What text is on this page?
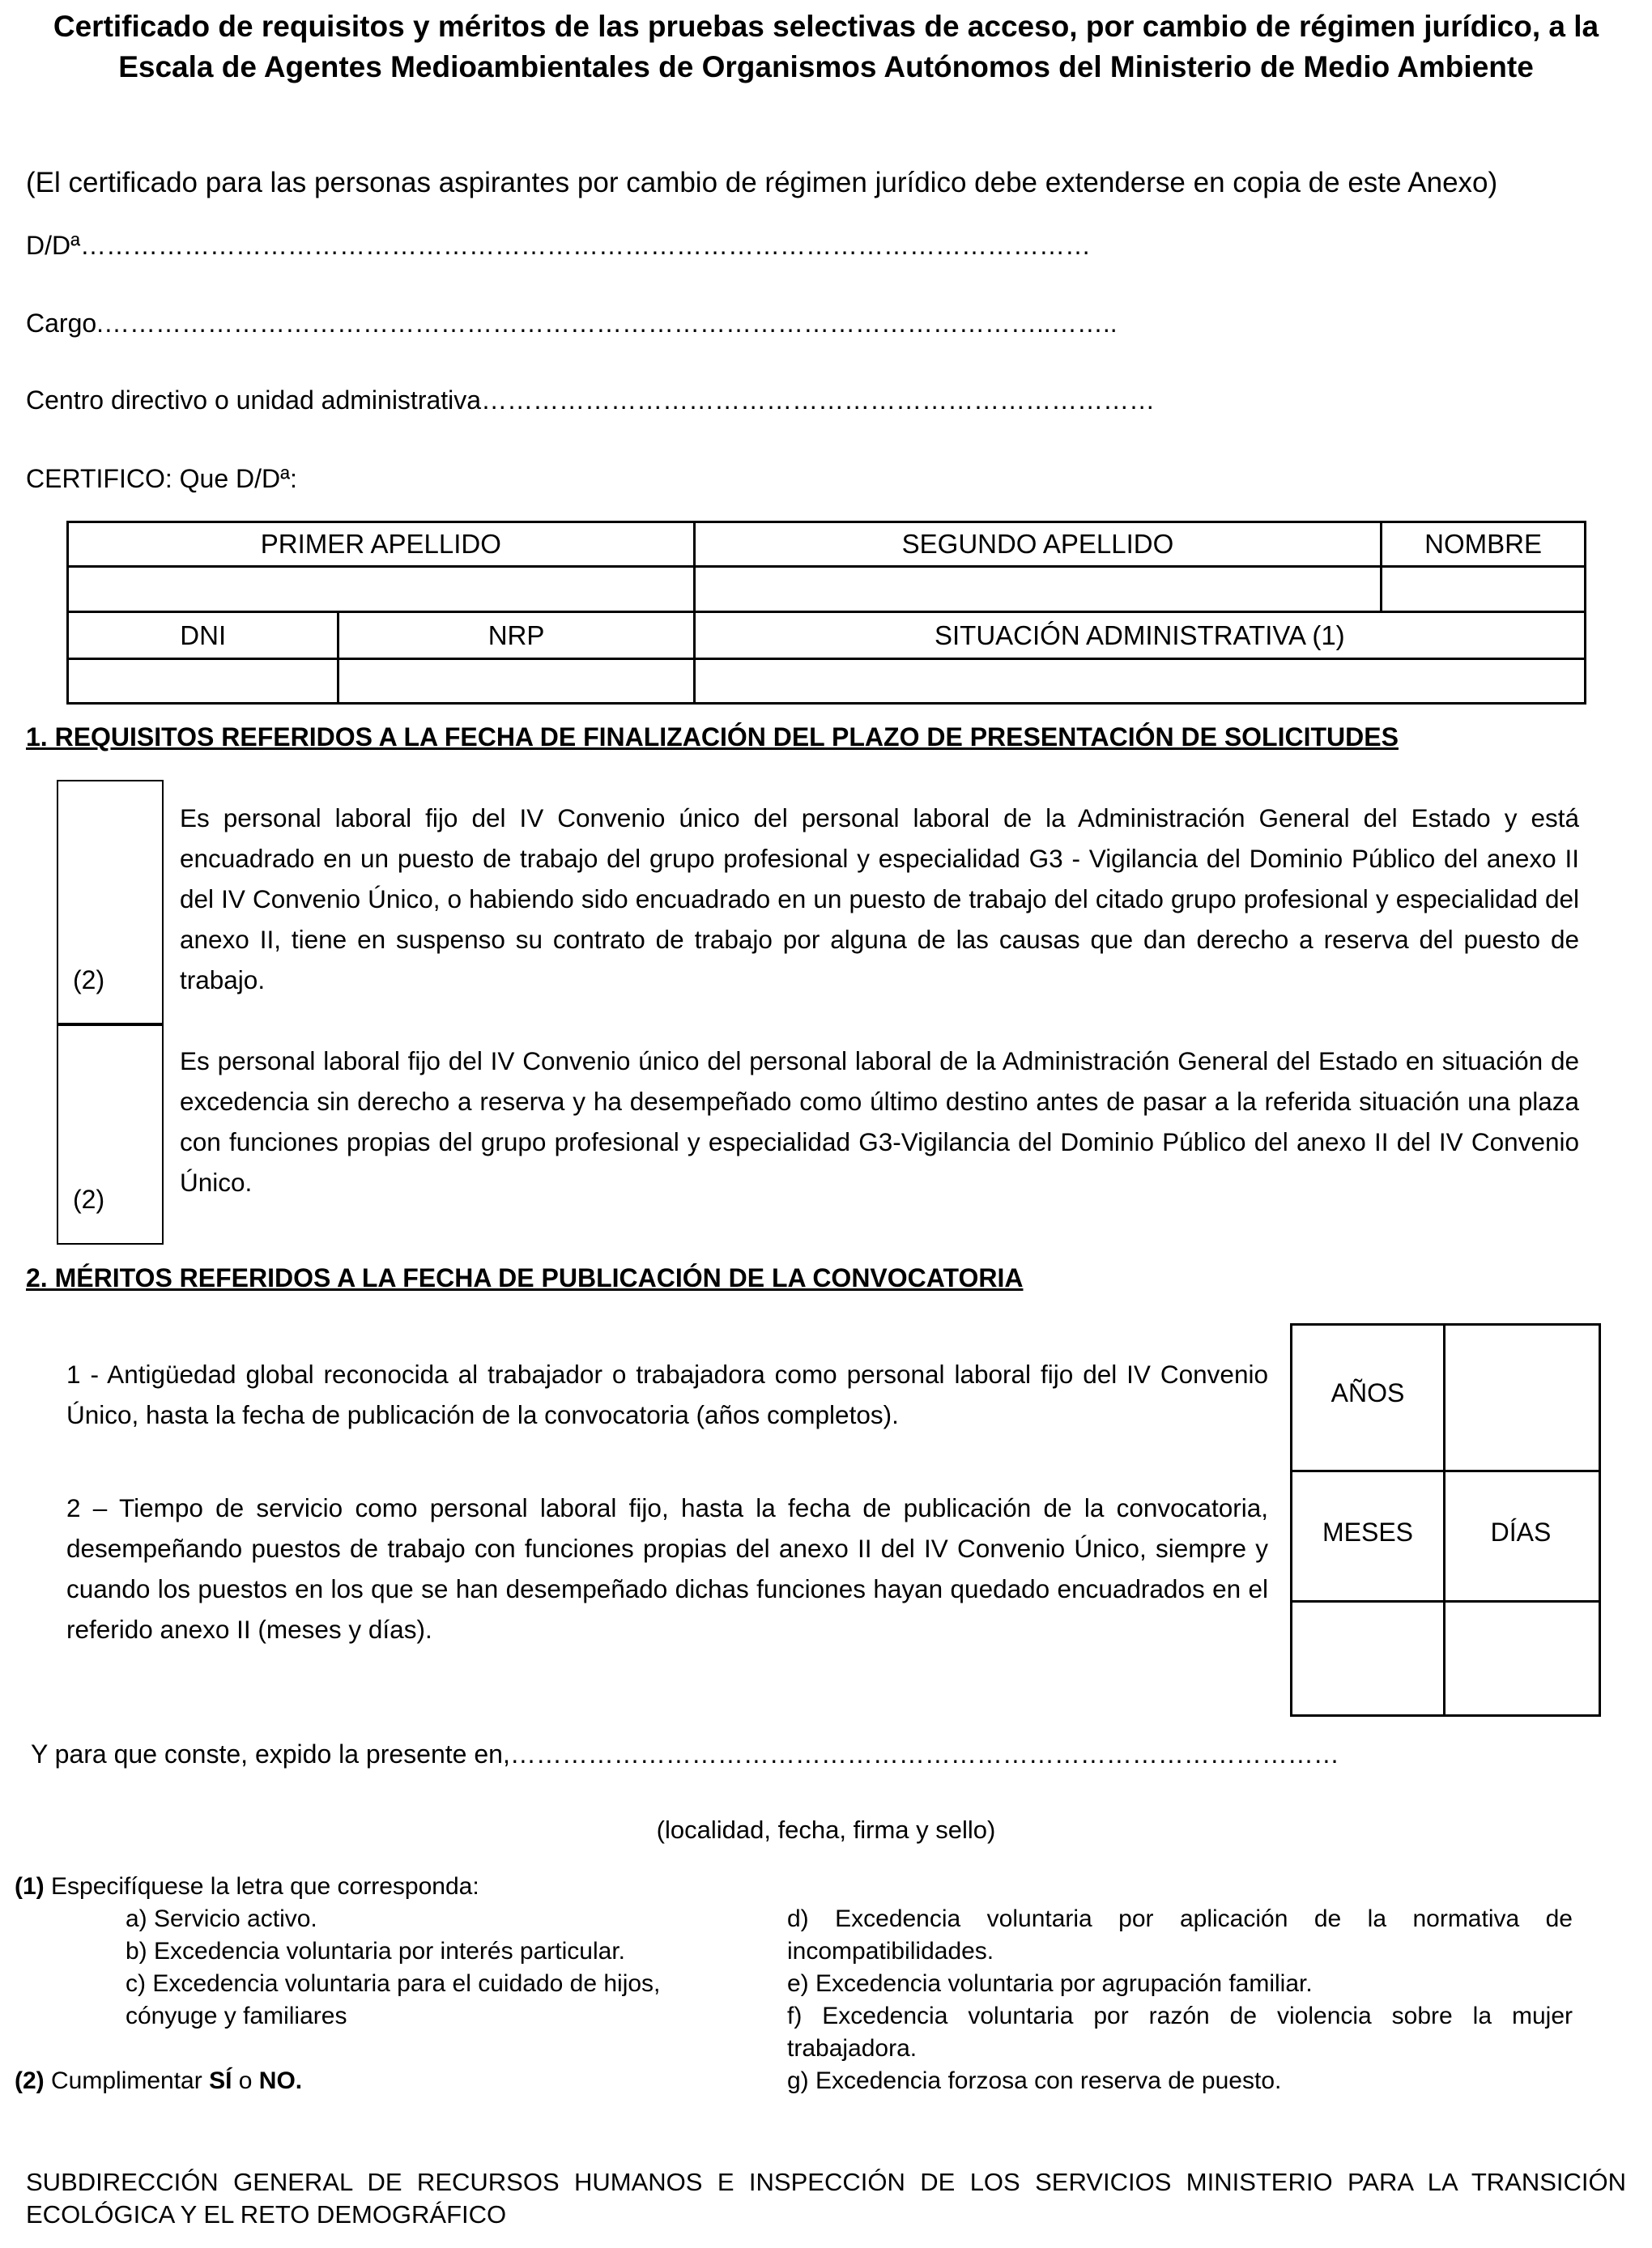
Certificado de requisitos y méritos de las pruebas selectivas de acceso, por cambio de régimen jurídico, a la Escala de Agentes Medioambientales de Organismos Autónomos del Ministerio de Medio Ambiente
(El certificado para las personas aspirantes por cambio de régimen jurídico debe extenderse en copia de este Anexo)
D/Dª………………………………………………………………………………………………………
Cargo.………………………………………………………………………………………………..……..
Centro directivo o unidad administrativa……………………………………………………………………
CERTIFICO: Que D/Dª:
PRIMER APELLIDO		SEGUNDO APELLIDO	NOMBRE

DNI	NRP	SITUACIÓN ADMINISTRATIVA (1)	

1. REQUISITOS REFERIDOS A LA FECHA DE FINALIZACIÓN DEL PLAZO DE PRESENTACIÓN DE SOLICITUDES
(2)
Es personal laboral fijo del IV Convenio único del personal laboral de la Administración General del Estado y está encuadrado en un puesto de trabajo del grupo profesional y especialidad G3 - Vigilancia del Dominio Público del anexo II del IV Convenio Único, o habiendo sido encuadrado en un puesto de trabajo del citado grupo profesional y especialidad del anexo II, tiene en suspenso su contrato de trabajo por alguna de las causas que dan derecho a reserva del puesto de trabajo.
(2)
Es personal laboral fijo del IV Convenio único del personal laboral de la Administración General del Estado en situación de excedencia sin derecho a reserva y ha desempeñado como último destino antes de pasar a la referida situación una plaza con funciones propias del grupo profesional y especialidad G3-Vigilancia del Dominio Público del anexo II del IV Convenio Único.
2. MÉRITOS REFERIDOS A LA FECHA DE PUBLICACIÓN DE LA CONVOCATORIA
1 - Antigüedad global reconocida al trabajador o trabajadora como personal laboral fijo del IV Convenio Único, hasta la fecha de publicación de la convocatoria (años completos).
2 – Tiempo de servicio como personal laboral fijo, hasta la fecha de publicación de la convocatoria, desempeñando puestos de trabajo con funciones propias del anexo II del IV Convenio Único, siempre y cuando los puestos en los que se han desempeñado dichas funciones hayan quedado encuadrados en el referido anexo II (meses y días).
AÑOS
MESES	DÍAS
Y para que conste, expido la presente en,……………………………………………………………………………………
(localidad, fecha, firma y sello)
(1) Especifíquese la letra que corresponda:
a) Servicio activo.
b) Excedencia voluntaria por interés particular.
c) Excedencia voluntaria para el cuidado de hijos, cónyuge y familiares
d) Excedencia voluntaria por aplicación de la normativa de incompatibilidades.
e) Excedencia voluntaria por agrupación familiar.
f) Excedencia voluntaria por razón de violencia sobre la mujer trabajadora.
g) Excedencia forzosa con reserva de puesto.
(2) Cumplimentar SÍ o NO.
SUBDIRECCIÓN GENERAL DE RECURSOS HUMANOS E INSPECCIÓN DE LOS SERVICIOS MINISTERIO PARA LA TRANSICIÓN ECOLÓGICA Y EL RETO DEMOGRÁFICO
